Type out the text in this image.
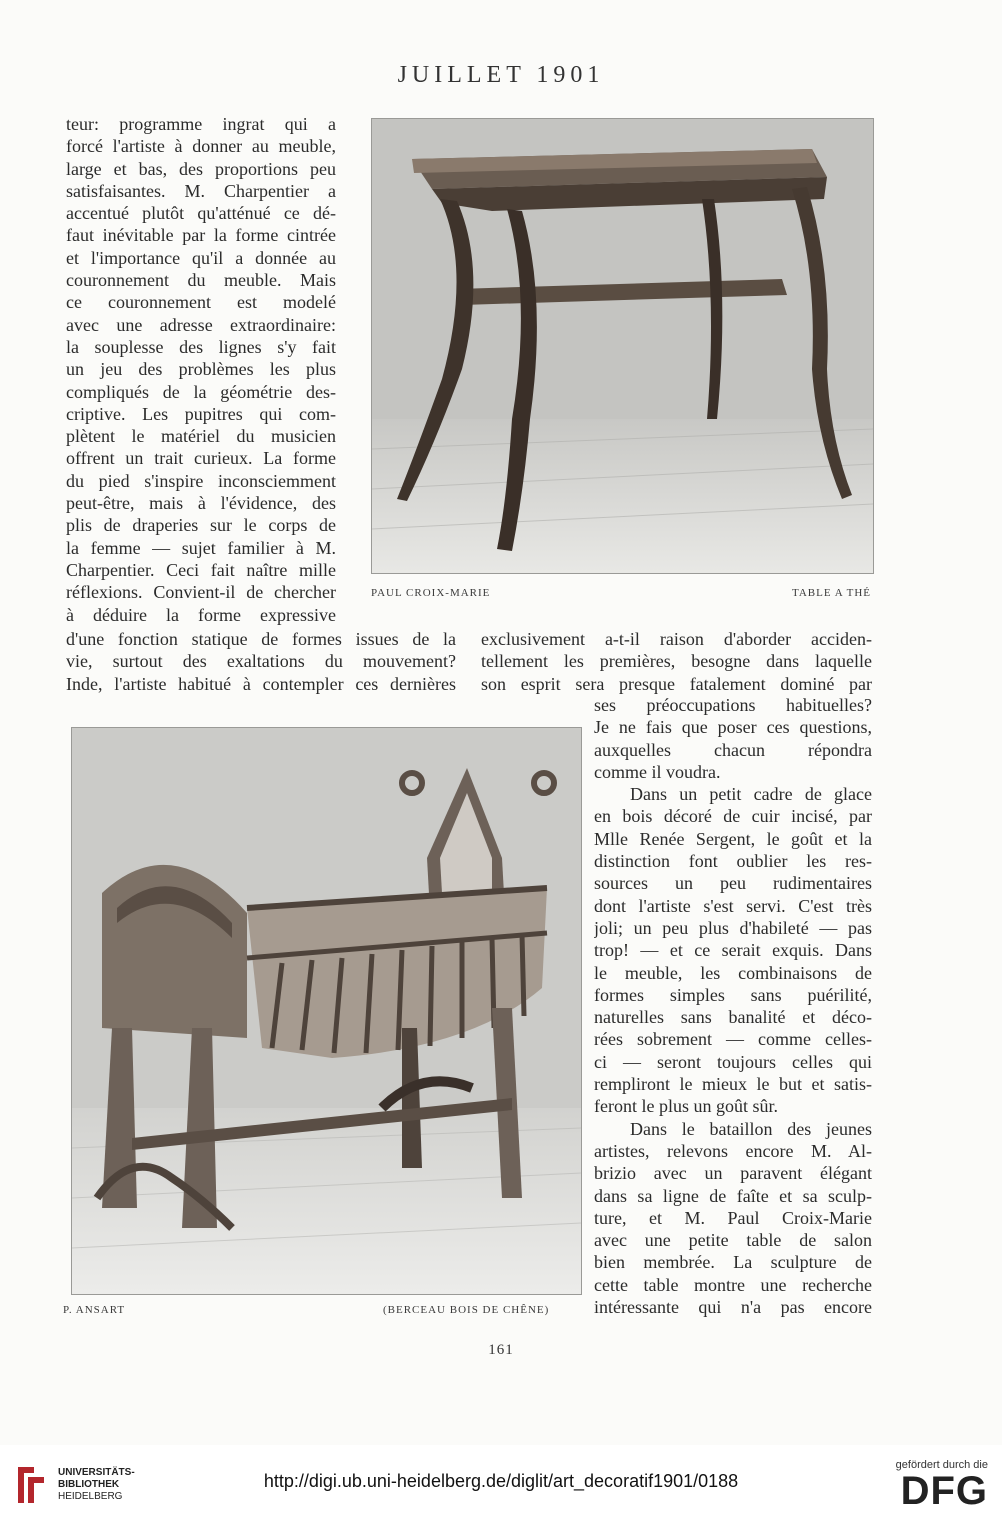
JUILLET 1901
teur: programme ingrat qui a
forcé l'artiste à donner au meuble,
large et bas, des proportions peu
satisfaisantes. M. Charpentier a
accentué plutôt qu'atténué ce dé-
faut inévitable par la forme cintrée
et l'importance qu'il a donnée au
couronnement du meuble. Mais
ce couronnement est modelé
avec une adresse extraordinaire:
la souplesse des lignes s'y fait
un jeu des problèmes les plus
compliqués de la géométrie des-
criptive. Les pupitres qui com-
plètent le matériel du musicien
offrent un trait curieux. La forme
du pied s'inspire inconsciemment
peut-être, mais à l'évidence, des
plis de draperies sur le corps de
la femme — sujet familier à M.
Charpentier. Ceci fait naître mille
réflexions. Convient-il de chercher
à déduire la forme expressive
PAUL CROIX-MARIE	TABLE A THÉ
d'une fonction statique de formes issues de la
vie, surtout des exaltations du mouvement?
Inde, l'artiste habitué à contempler ces dernières
exclusivement a-t-il raison d'aborder acciden-
tellement les premières, besogne dans laquelle
son esprit sera presque fatalement dominé par
P. ANSART	(BERCEAU BOIS DE CHÊNE)
ses préoccupations habituelles?
Je ne fais que poser ces questions,
auxquelles chacun répondra
comme il voudra.
Dans un petit cadre de glace
en bois décoré de cuir incisé, par
Mlle Renée Sergent, le goût et la
distinction font oublier les res-
sources un peu rudimentaires
dont l'artiste s'est servi. C'est très
joli; un peu plus d'habileté — pas
trop! — et ce serait exquis. Dans
le meuble, les combinaisons de
formes simples sans puérilité,
naturelles sans banalité et déco-
rées sobrement — comme celles-
ci — seront toujours celles qui
rempliront le mieux le but et satis-
feront le plus un goût sûr.
Dans le bataillon des jeunes
artistes, relevons encore M. Al-
brizio avec un paravent élégant
dans sa ligne de faîte et sa sculp-
ture, et M. Paul Croix-Marie
avec une petite table de salon
bien membrée. La sculpture de
cette table montre une recherche
intéressante qui n'a pas encore
161
UNIVERSITÄTS-
BIBLIOTHEK
HEIDELBERG
http://digi.ub.uni-heidelberg.de/diglit/art_decoratif1901/0188
gefördert durch die
DFG
